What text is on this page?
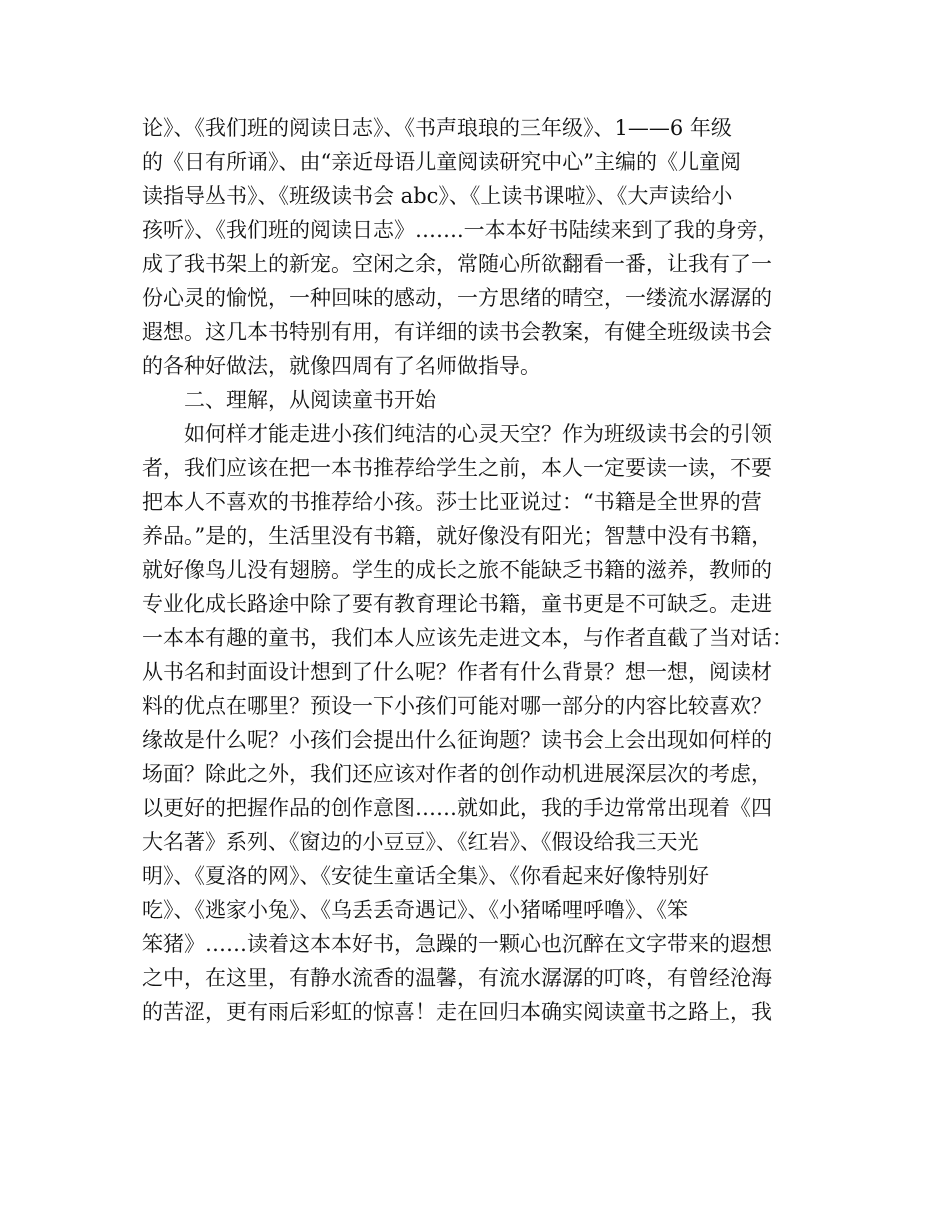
论》、《我们班的阅读日志》、《书声琅琅的三年级》、1——6 年级

的《日有所诵》、由“亲近母语儿童阅读研究中心”主编的《儿童阅

读指导丛书》、《班级读书会 abc》、《上读书课啦》、《大声读给小

孩听》、《我们班的阅读日志》…….一本本好书陆续来到了我的身旁，

成了我书架上的新宠。空闲之余，常随心所欲翻看一番，让我有了一

份心灵的愉悦，一种回味的感动，一方思绪的晴空，一缕流水潺潺的

遐想。这几本书特别有用，有详细的读书会教案，有健全班级读书会

的各种好做法，就像四周有了名师做指导。

二、理解，从阅读童书开始

如何样才能走进小孩们纯洁的心灵天空？作为班级读书会的引领

者，我们应该在把一本书推荐给学生之前，本人一定要读一读，不要

把本人不喜欢的书推荐给小孩。莎士比亚说过：“书籍是全世界的营

养品。”是的，生活里没有书籍，就好像没有阳光；智慧中没有书籍，

就好像鸟儿没有翅膀。学生的成长之旅不能缺乏书籍的滋养，教师的

专业化成长路途中除了要有教育理论书籍，童书更是不可缺乏。走进

一本本有趣的童书，我们本人应该先走进文本，与作者直截了当对话：

从书名和封面设计想到了什么呢？作者有什么背景？想一想，阅读材

料的优点在哪里？预设一下小孩们可能对哪一部分的内容比较喜欢？

缘故是什么呢？小孩们会提出什么征询题？读书会上会出现如何样的

场面？除此之外，我们还应该对作者的创作动机进展深层次的考虑，

以更好的把握作品的创作意图……就如此，我的手边常常出现着《四

大名著》系列、《窗边的小豆豆》、《红岩》、《假设给我三天光

明》、《夏洛的网》、《安徒生童话全集》、《你看起来好像特别好

吃》、《逃家小兔》、《乌丢丢奇遇记》、《小猪唏哩呼噜》、《笨

笨猪》……读着这本本好书，急躁的一颗心也沉醉在文字带来的遐想

之中，在这里，有静水流香的温馨，有流水潺潺的叮咚，有曾经沧海

的苦涩，更有雨后彩虹的惊喜！走在回归本确实阅读童书之路上，我
